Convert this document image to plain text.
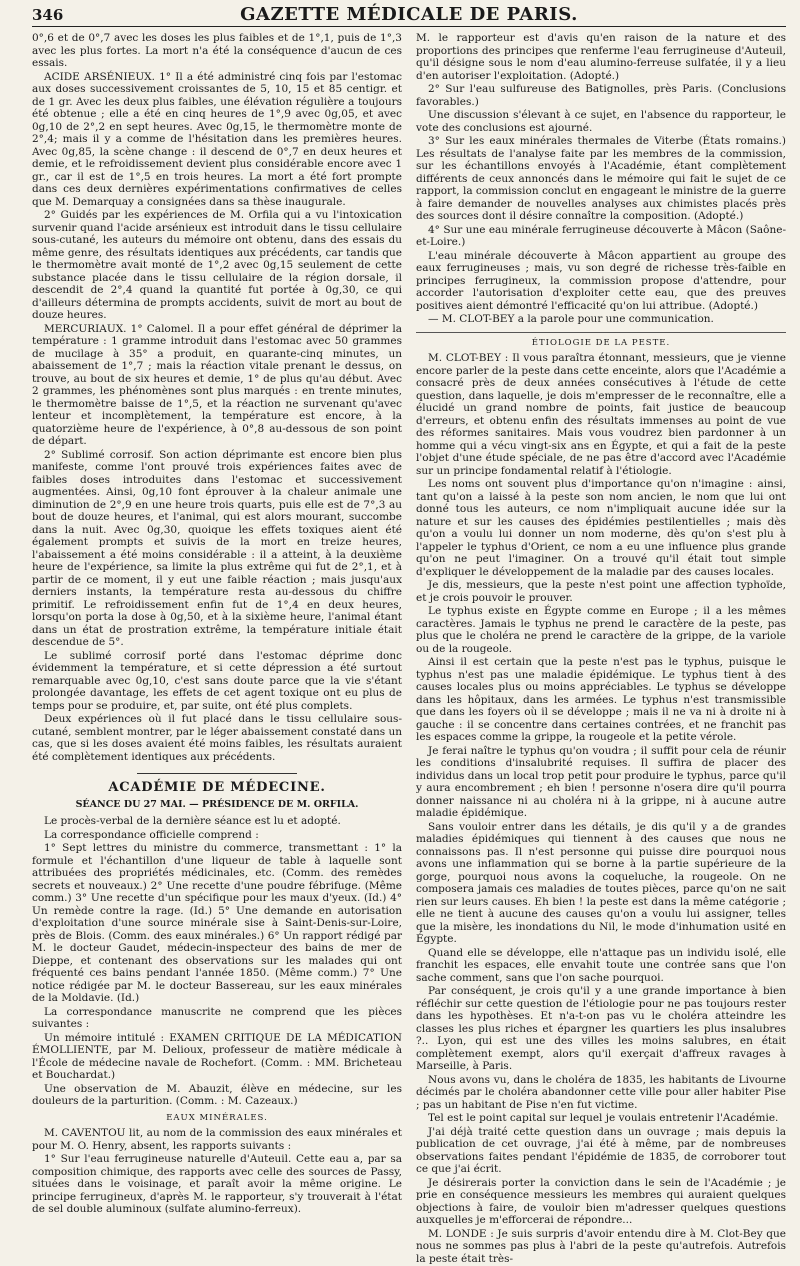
346	GAZETTE MÉDICALE DE PARIS.

0°,6 et de 0°,7 avec les doses les plus faibles et de 1°,1, puis de 1°,3 avec les plus fortes. La mort n'a été la conséquence d'aucun de ces essais.

ACIDE ARSÉNIEUX. 1° Il a été administré cinq fois par l'estomac aux doses successivement croissantes de 5, 10, 15 et 85 centigr. et de 1 gr. Avec les deux plus faibles, une élévation régulière a toujours été obtenue ; elle a été en cinq heures de 1°,9 avec 0g,05, et avec 0g,10 de 2°,2 en sept heures. Avec 0g,15, le thermomètre monte de 2°,4; mais il y a comme de l'hésitation dans les premières heures. Avec 0g,85, la scène change : il descend de 0°,7 en deux heures et demie, et le refroidissement devient plus considérable encore avec 1 gr., car il est de 1°,5 en trois heures. La mort a été fort prompte dans ces deux dernières expérimentations confirmatives de celles que M. Demarquay a consignées dans sa thèse inaugurale.

2° Guidés par les expériences de M. Orfila qui a vu l'intoxication survenir quand l'acide arsénieux est introduit dans le tissu cellulaire sous-cutané, les auteurs du mémoire ont obtenu, dans des essais du même genre, des résultats identiques aux précédents, car tandis que le thermomètre avait monté de 1°,2 avec 0g,15 seulement de cette substance placée dans le tissu cellulaire de la région dorsale, il descendit de 2°,4 quand la quantité fut portée à 0g,30, ce qui d'ailleurs détermina de prompts accidents, suivit de mort au bout de douze heures.

MERCURIAUX. 1° Calomel. Il a pour effet général de déprimer la température : 1 gramme introduit dans l'estomac avec 50 grammes de mucilage à 35° a produit, en quarante-cinq minutes, un abaissement de 1°,7 ; mais la réaction vitale prenant le dessus, on trouve, au bout de six heures et demie, 1° de plus qu'au début. Avec 2 grammes, les phénomènes sont plus marqués : en trente minutes, le thermomètre baisse de 1°,5, et la réaction ne survenant qu'avec lenteur et incomplètement, la température est encore, à la quatorzième heure de l'expérience, à 0°,8 au-dessous de son point de départ.

2° Sublimé corrosif. Son action déprimante est encore bien plus manifeste, comme l'ont prouvé trois expériences faites avec de faibles doses introduites dans l'estomac et successivement augmentées. Ainsi, 0g,10 font éprouver à la chaleur animale une diminution de 2°,9 en une heure trois quarts, puis elle est de 7°,3 au bout de douze heures, et l'animal, qui est alors mourant, succombe dans la nuit. Avec 0g,30, quoique les effets toxiques aient été également prompts et suivis de la mort en treize heures, l'abaissement a été moins considérable : il a atteint, à la deuxième heure de l'expérience, sa limite la plus extrême qui fut de 2°,1, et à partir de ce moment, il y eut une faible réaction ; mais jusqu'aux derniers instants, la température resta au-dessous du chiffre primitif. Le refroidissement enfin fut de 1°,4 en deux heures, lorsqu'on porta la dose à 0g,50, et à la sixième heure, l'animal étant dans un état de prostration extrême, la température initiale était descendue de 5°.

Le sublimé corrosif porté dans l'estomac déprime donc évidemment la température, et si cette dépression a été surtout remarquable avec 0g,10, c'est sans doute parce que la vie s'étant prolongée davantage, les effets de cet agent toxique ont eu plus de temps pour se produire, et, par suite, ont été plus complets.

Deux expériences où il fut placé dans le tissu cellulaire sous-cutané, semblent montrer, par le léger abaissement constaté dans un cas, que si les doses avaient été moins faibles, les résultats auraient été complètement identiques aux précédents.

ACADÉMIE DE MÉDECINE.
SÉANCE DU 27 MAI. — PRÉSIDENCE DE M. ORFILA.

Le procès-verbal de la dernière séance est lu et adopté.

La correspondance officielle comprend :

1° Sept lettres du ministre du commerce, transmettant : 1° la formule et l'échantillon d'une liqueur de table à laquelle sont attribuées des propriétés médicinales, etc. (Comm. des remèdes secrets et nouveaux.) 2° Une recette d'une poudre fébrifuge. (Même comm.) 3° Une recette d'un spécifique pour les maux d'yeux. (Id.) 4° Un remède contre la rage. (Id.) 5° Une demande en autorisation d'exploitation d'une source minérale sise à Saint-Denis-sur-Loire, près de Blois. (Comm. des eaux minérales.) 6° Un rapport rédigé par M. le docteur Gaudet, médecin-inspecteur des bains de mer de Dieppe, et contenant des observations sur les malades qui ont fréquenté ces bains pendant l'année 1850. (Même comm.) 7° Une notice rédigée par M. le docteur Bassereau, sur les eaux minérales de la Moldavie. (Id.)

La correspondance manuscrite ne comprend que les pièces suivantes :

Un mémoire intitulé : EXAMEN CRITIQUE DE LA MÉDICATION ÉMOLLIENTE, par M. Delioux, professeur de matière médicale à l'École de médecine navale de Rochefort. (Comm. : MM. Bricheteau et Bouchardat.)

Une observation de M. Abauzit, élève en médecine, sur les douleurs de la parturition. (Comm. : M. Cazeaux.)

EAUX MINÉRALES.

M. CAVENTOU lit, au nom de la commission des eaux minérales et pour M. O. Henry, absent, les rapports suivants :

1° Sur l'eau ferrugineuse naturelle d'Auteuil. Cette eau a, par sa composition chimique, des rapports avec celle des sources de Passy, situées dans le voisinage, et paraît avoir la même origine. Le principe ferrugineux, d'après M. le rapporteur, s'y trouverait à l'état de sel double aluminoux (sulfate alumino-ferreux).

M. le rapporteur est d'avis qu'en raison de la nature et des proportions des principes que renferme l'eau ferrugineuse d'Auteuil, qu'il désigne sous le nom d'eau alumino-ferreuse sulfatée, il y a lieu d'en autoriser l'exploitation. (Adopté.)

2° Sur l'eau sulfureuse des Batignolles, près Paris. (Conclusions favorables.)

Une discussion s'élevant à ce sujet, en l'absence du rapporteur, le vote des conclusions est ajourné.

3° Sur les eaux minérales thermales de Viterbe (États romains.) Les résultats de l'analyse faite par les membres de la commission, sur les échantillons envoyés à l'Académie, étant complètement différents de ceux annoncés dans le mémoire qui fait le sujet de ce rapport, la commission conclut en engageant le ministre de la guerre à faire demander de nouvelles analyses aux chimistes placés près des sources dont il désire connaître la composition. (Adopté.)

4° Sur une eau minérale ferrugineuse découverte à Mâcon (Saône-et-Loire.)

L'eau minérale découverte à Mâcon appartient au groupe des eaux ferrugineuses ; mais, vu son degré de richesse très-faible en principes ferrugineux, la commission propose d'attendre, pour accorder l'autorisation d'exploiter cette eau, que des preuves positives aient démontré l'efficacité qu'on lui attribue. (Adopté.)

— M. CLOT-BEY a la parole pour une communication.

ÉTIOLOGIE DE LA PESTE.

M. CLOT-BEY : Il vous paraîtra étonnant, messieurs, que je vienne encore parler de la peste dans cette enceinte, alors que l'Académie a consacré près de deux années consécutives à l'étude de cette question, dans laquelle, je dois m'empresser de le reconnaître, elle a élucidé un grand nombre de points, fait justice de beaucoup d'erreurs, et obtenu enfin des résultats immenses au point de vue des réformes sanitaires. Mais vous voudrez bien pardonner à un homme qui a vécu vingt-six ans en Égypte, et qui a fait de la peste l'objet d'une étude spéciale, de ne pas être d'accord avec l'Académie sur un principe fondamental relatif à l'étiologie.

Les noms ont souvent plus d'importance qu'on n'imagine : ainsi, tant qu'on a laissé à la peste son nom ancien, le nom que lui ont donné tous les auteurs, ce nom n'impliquait aucune idée sur la nature et sur les causes des épidémies pestilentielles ; mais dès qu'on a voulu lui donner un nom moderne, dès qu'on s'est plu à l'appeler le typhus d'Orient, ce nom a eu une influence plus grande qu'on ne peut l'imaginer. On a trouvé qu'il était tout simple d'expliquer le développement de la maladie par des causes locales.

Je dis, messieurs, que la peste n'est point une affection typhoïde, et je crois pouvoir le prouver.

Le typhus existe en Égypte comme en Europe ; il a les mêmes caractères. Jamais le typhus ne prend le caractère de la peste, pas plus que le choléra ne prend le caractère de la grippe, de la variole ou de la rougeole.

Ainsi il est certain que la peste n'est pas le typhus, puisque le typhus n'est pas une maladie épidémique. Le typhus tient à des causes locales plus ou moins appréciables. Le typhus se développe dans les hôpitaux, dans les armées. Le typhus n'est transmissible que dans les foyers où il se développe ; mais il ne va ni à droite ni à gauche : il se concentre dans certaines contrées, et ne franchit pas les espaces comme la grippe, la rougeole et la petite vérole.

Je ferai naître le typhus qu'on voudra ; il suffit pour cela de réunir les conditions d'insalubrité requises. Il suffira de placer des individus dans un local trop petit pour produire le typhus, parce qu'il y aura encombrement ; eh bien ! personne n'osera dire qu'il pourra donner naissance ni au choléra ni à la grippe, ni à aucune autre maladie épidémique.

Sans vouloir entrer dans les détails, je dis qu'il y a de grandes maladies épidémiques qui tiennent à des causes que nous ne connaissons pas. Il n'est personne qui puisse dire pourquoi nous avons une inflammation qui se borne à la partie supérieure de la gorge, pourquoi nous avons la coqueluche, la rougeole. On ne composera jamais ces maladies de toutes pièces, parce qu'on ne sait rien sur leurs causes. Eh bien ! la peste est dans la même catégorie ; elle ne tient à aucune des causes qu'on a voulu lui assigner, telles que la misère, les inondations du Nil, le mode d'inhumation usité en Égypte.

Quand elle se développe, elle n'attaque pas un individu isolé, elle franchit les espaces, elle envahit toute une contrée sans que l'on sache comment, sans que l'on sache pourquoi.

Par conséquent, je crois qu'il y a une grande importance à bien réfléchir sur cette question de l'étiologie pour ne pas toujours rester dans les hypothèses. Et n'a-t-on pas vu le choléra atteindre les classes les plus riches et épargner les quartiers les plus insalubres ?.. Lyon, qui est une des villes les moins salubres, en était complètement exempt, alors qu'il exerçait d'affreux ravages à Marseille, à Paris.

Nous avons vu, dans le choléra de 1835, les habitants de Livourne décimés par le choléra abandonner cette ville pour aller habiter Pise ; pas un habitant de Pise n'en fut victime.

Tel est le point capital sur lequel je voulais entretenir l'Académie.

J'ai déjà traité cette question dans un ouvrage ; mais depuis la publication de cet ouvrage, j'ai été à même, par de nombreuses observations faites pendant l'épidémie de 1835, de corroborer tout ce que j'ai écrit.

Je désirerais porter la conviction dans le sein de l'Académie ; je prie en conséquence messieurs les membres qui auraient quelques objections à faire, de vouloir bien m'adresser quelques questions auxquelles je m'efforcerai de répondre...

M. LONDE : Je suis surpris d'avoir entendu dire à M. Clot-Bey que nous ne sommes pas plus à l'abri de la peste qu'autrefois. Autrefois la peste était très-
